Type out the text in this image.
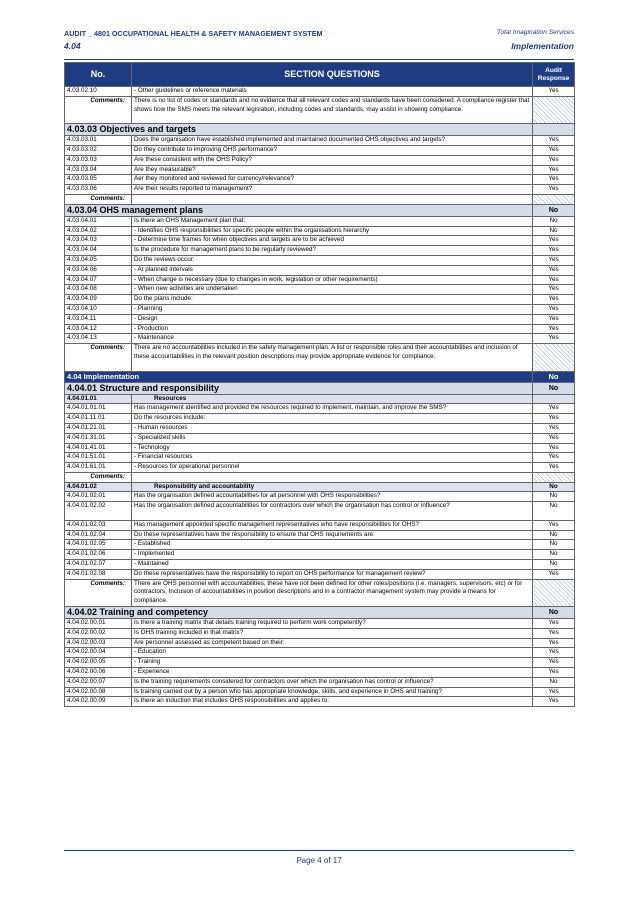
AUDIT _ 4801 OCCUPATIONAL HEALTH & SAFETY MANAGEMENT SYSTEM
4.04
Total Imagination Services
Implementation
No.	SECTION QUESTIONS	Audit Response
4.03.02.10	- Other guidelines or reference materials	Yes
Comments:	There is no list of codes or standards and no evidence that all relevant codes and standards have been considered. A compliance register that shows how the SMS meets the relevant legislation, including codes and standards, may assist in showing compliance.	
4.03.03 Objectives and targets		
4.03.03.01	Does the organisation have established implemented and maintained documented OHS objectives and targets?	Yes
4.03.03.02	Do they contribute to improving OHS performance?	Yes
4.03.03.03	Are these consistent with the OHS Policy?	Yes
4.03.03.04	Are they measurable?	Yes
4.03.03.05	Aer they monitored and reviewed for currency/relevance?	Yes
4.03.03.06	Are their results reported to management?	Yes
Comments:		
4.03.04 OHS management plans		No
4.03.04.01	Is there an OHS Management plan that:	No
4.03.04.02	- Identifies OHS responsibilities for specific people within the organisations hierarchy	No
4.03.04.03	- Determine time frames for when objectives and targets are to be achieved	Yes
4.03.04.04	Is the procedure for management plans to be regularly reviewed?	Yes
4.03.04.05	Do the reviews occur:	Yes
4.03.04.06	- At planned intervals	Yes
4.03.04.07	- When change is necessary (due to changes in work, legislation or other requirements)	Yes
4.03.04.08	- When new activities are undertaken	Yes
4.03.04.09	Do the plans include:	Yes
4.03.04.10	- Planning	Yes
4.03.04.11	- Design	Yes
4.03.04.12	- Production	Yes
4.03.04.13	- Maintenance	Yes
Comments:	There are no accountabilities included in the safety management plan. A list or responsible roles and their accountabilities and inclusion of these accountabilities in the relevant position descriptions may provide appropriate evidence for compliance.	
4.04 Implementation		No
4.04.01 Structure and responsibility		No
4.04.01.01	Resources	
4.04.01.01.01	Has management identified and provided the resources required to implement, maintain, and improve the SMS?	Yes
4.04.01.11.01	Do the resources include:	Yes
4.04.01.21.01	- Human resources	Yes
4.04.01.31.01	- Specialized skills	Yes
4.04.01.41.01	- Technology	Yes
4.04.01.51.01	- Financial resources	Yes
4.04.01.61.01	- Resources for operational personnel	Yes
Comments:		
4.04.01.02	Responsibility and accountability	No
4.04.01.02.01	Has the organisation defined accountabilities for all personnel with OHS responsibilities?	No
4.04.01.02.02	Has the organisation defined accountabilities for contractors over which the organisation has control or influence?	No
4.04.01.02.03	Has management appointed specific management representatives who have responsibilities for OHS?	Yes
4.04.01.02.04	Do these representatives have the responsibility to ensure that OHS requirements are:	No
4.04.01.02.05	- Established	No
4.04.01.02.06	- Implemented	No
4.04.01.02.07	- Maintained	No
4.04.01.02.08	Do these representatives have the responsibility to report on OHS performance for management review?	Yes
Comments:	There are OHS personnel with accountabilities, these have not been defined for other roles/positions (i.e. managers, supervisors, etc) or for contractors. Inclusion of accountabilities in position descriptions and in a contractor management system may provide a means for compliance.	
4.04.02 Training and competency		No
4.04.02.00.01	Is there a training matrix that details training required to perform work competently?	Yes
4.04.02.00.02	Is OHS training included in that matrix?	Yes
4.04.02.00.03	Are personnel assessed as competent based on their:	Yes
4.04.02.00.04	- Education	Yes
4.04.02.00.05	- Training	Yes
4.04.02.00.06	- Experience	Yes
4.04.02.00.07	Is the training requirements considered for contractors over which the organisation has control or influence?	No
4.04.02.00.08	Is training carried out by a person who has appropriate knowledge, skills, and experience in OHS and training?	Yes
4.04.02.00.09	Is there an induction that includes OHS responsibilities and applies to:	Yes
Page 4 of 17
